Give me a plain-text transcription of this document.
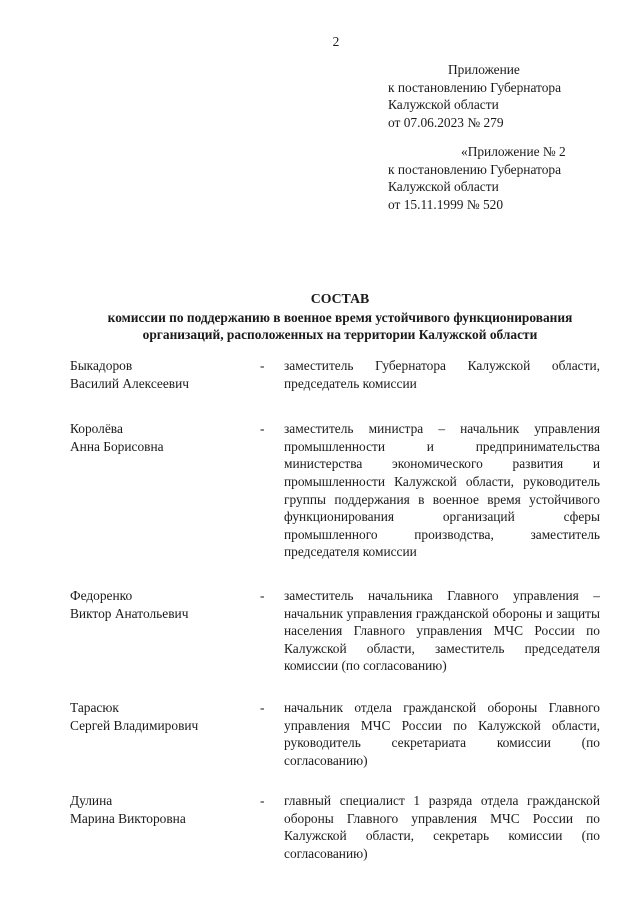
2
Приложение
к постановлению Губернатора
Калужской области
от 07.06.2023 № 279
«Приложение № 2
к постановлению Губернатора
Калужской области
от 15.11.1999 № 520
СОСТАВ
комиссии по поддержанию в военное время устойчивого функционирования
организаций, расположенных на территории Калужской области
Быкадоров
Василий Алексеевич
-	заместитель Губернатора Калужской области, председатель комиссии
Королёва
Анна Борисовна
-	заместитель министра – начальник управления промышленности и предпринимательства министерства экономического развития и промышленности Калужской области, руководитель группы поддержания в военное время устойчивого функционирования организаций сферы промышленного производства, заместитель председателя комиссии
Федоренко
Виктор Анатольевич
-	заместитель начальника Главного управления – начальник управления гражданской обороны и защиты населения Главного управления МЧС России по Калужской области, заместитель председателя комиссии (по согласованию)
Тарасюк
Сергей Владимирович
-	начальник отдела гражданской обороны Главного управления МЧС России по Калужской области, руководитель секретариата комиссии (по согласованию)
Дулина
Марина Викторовна
-	главный специалист 1 разряда отдела гражданской обороны Главного управления МЧС России по Калужской области, секретарь комиссии (по согласованию)
